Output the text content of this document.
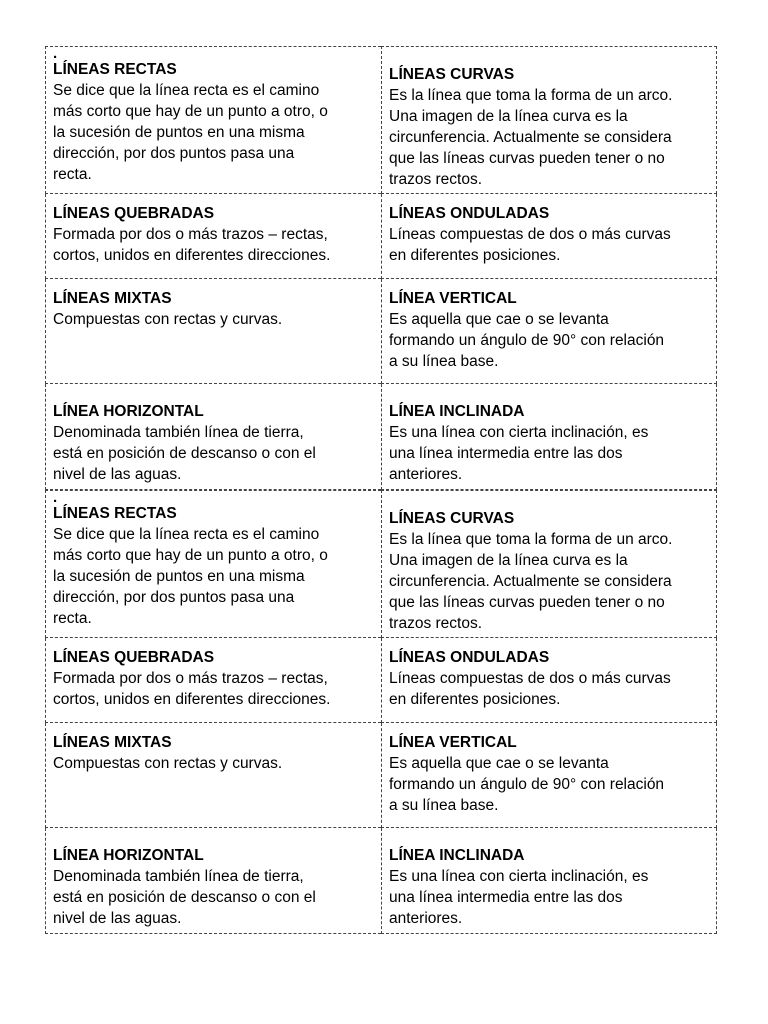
.
LÍNEAS RECTAS
Se dice que la línea recta es el camino
más corto que hay de un punto a otro, o
la sucesión de puntos en una misma
dirección, por dos puntos pasa una
recta.
LÍNEAS CURVAS
Es la línea que toma la forma de un arco.
Una imagen de la línea curva es la
circunferencia. Actualmente se considera
que las líneas curvas pueden tener o no
trazos rectos.
LÍNEAS QUEBRADAS
Formada por dos o más trazos – rectas,
cortos, unidos en diferentes direcciones.
LÍNEAS ONDULADAS
Líneas compuestas de dos o más curvas
en diferentes posiciones.
LÍNEAS MIXTAS
Compuestas con rectas y curvas.
LÍNEA VERTICAL
Es aquella que cae o se levanta
formando un ángulo de 90° con relación
a su línea base.
LÍNEA HORIZONTAL
Denominada también línea de tierra,
está en posición de descanso o con el
nivel de las aguas.
LÍNEA INCLINADA
Es una línea con cierta inclinación, es
una línea intermedia entre las dos
anteriores.
.
LÍNEAS RECTAS
Se dice que la línea recta es el camino
más corto que hay de un punto a otro, o
la sucesión de puntos en una misma
dirección, por dos puntos pasa una
recta.
LÍNEAS CURVAS
Es la línea que toma la forma de un arco.
Una imagen de la línea curva es la
circunferencia. Actualmente se considera
que las líneas curvas pueden tener o no
trazos rectos.
LÍNEAS QUEBRADAS
Formada por dos o más trazos – rectas,
cortos, unidos en diferentes direcciones.
LÍNEAS ONDULADAS
Líneas compuestas de dos o más curvas
en diferentes posiciones.
LÍNEAS MIXTAS
Compuestas con rectas y curvas.
LÍNEA VERTICAL
Es aquella que cae o se levanta
formando un ángulo de 90° con relación
a su línea base.
LÍNEA HORIZONTAL
Denominada también línea de tierra,
está en posición de descanso o con el
nivel de las aguas.
LÍNEA INCLINADA
Es una línea con cierta inclinación, es
una línea intermedia entre las dos
anteriores.
